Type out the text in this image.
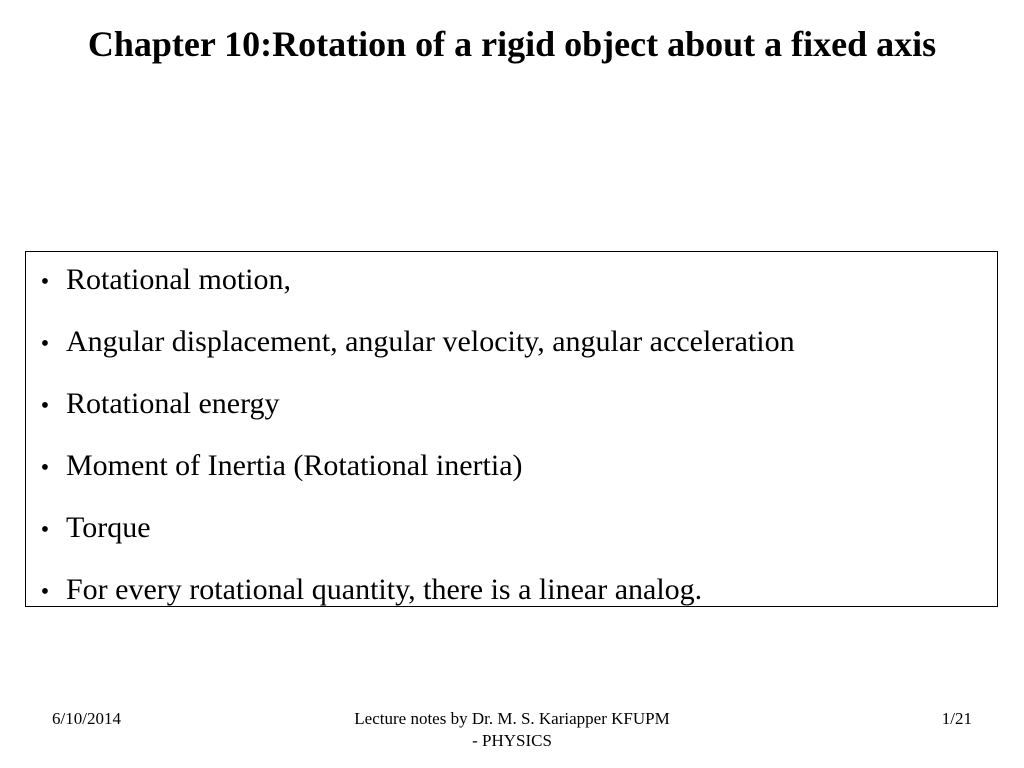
Chapter 10:Rotation of a rigid object about a fixed axis
• Rotational motion,
• Angular displacement, angular velocity, angular acceleration
• Rotational energy
• Moment of Inertia (Rotational inertia)
• Torque
• For every rotational quantity, there is a linear analog.
6/10/2014	Lecture notes by Dr. M. S. Kariapper KFUPM
- PHYSICS
1/21
